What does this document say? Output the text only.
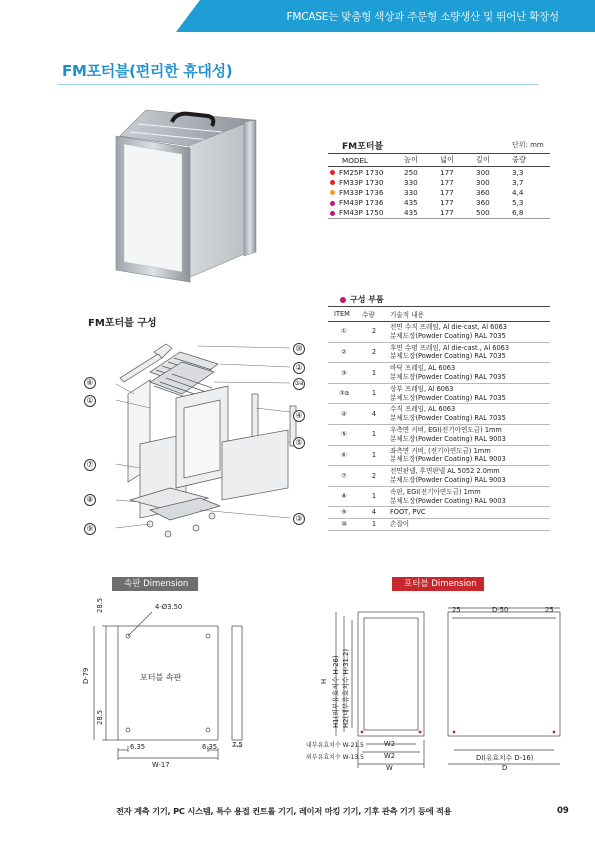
FMCASE는 맞춤형 색상과 주문형 소량생산 및 뛰어난 확장성
FM포터블(편리한 휴대성)
FM포터블	단위: mm
MODEL	높이	넓이	깊이	중량
FM25P 1730	250	177	300	3,3
FM33P 1730	330	177	300	3,7
FM33P 1736	330	177	360	4,4
FM43P 1736	435	177	360	5,3
FM43P 1750	435	177	500	6,8
FM포터블 구성
⑩
②
③a
④
⑤
③
⑥
①
⑦
⑧
⑨
구성 부품
ITEM	수량	기술적 내용
①	2	전면 수직 프레임, Al die-cast, Al 6063
분체도장(Powder Coating) RAL 7035
②	2	후면 수평 프레임, Al die-cast , Al 6063
분체도장(Powder Coating) RAL 7035
③	1	바닥 프레임, AL 6063
분체도장(Powder Coating) RAL 7035
③a	1	상부 프레임, Al 6063
분체도장(Powder Coating) RAL 7035
④	4	수직 프레임, AL 6063
분체도장(Powder Coating) RAL 7035
⑤	1	우측면 커버, EGI(전기아연도금) 1mm
분체도장(Powder Coating) RAL 9003
⑥	1	좌측면 커버, (전기아연도금) 1mm
분체도장(Powder Coating) RAL 9003
⑦	2	전면판넬, 후면판넬 AL 5052 2.0mm
분체도장(Powder Coating) RAL 9003
⑧	1	속판, EGI(전기아연도금) 1mm
분체도장(Powder Coating) RAL 9003
⑨	4	FOOT, PVC
⑩	1	손잡이
속판 Dimension
4-Ø3.50
28.5
D-79
28.5
포터블 속판
6.35	6.35 7.5
W-17
포터블 Dimension
25	D-50	25
H H1(외부유효치수 H-26) H2(내부유효치수 H-31.2)
내부유효치수 W-21.5
외부유효치수 W-13.5
W2
W2
W
DI(유효치수 D-16)
D
전자 계측 기기, PC 시스템, 특수 용접 컨트롤 기기, 레이저 마킹 기기, 기후 관측 기기 등에 적용	09
